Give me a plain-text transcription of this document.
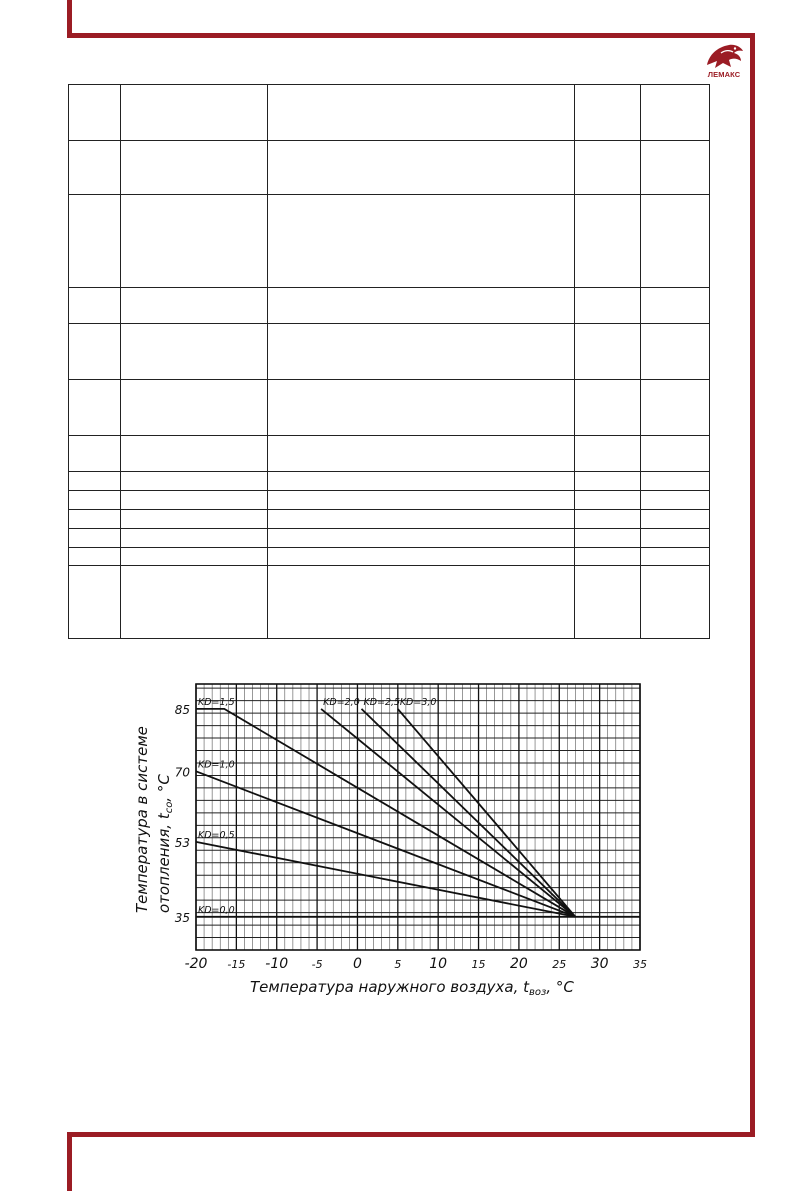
ЛЕМАКС

KD=0,0
KD=0,5
KD=1,0
KD=1,5	KD=2,0 KD=2,5 KD=3,0
-20 -15 -10 -5 0	5 10 15 20 25 30 35
85
70
53
35
Температура в системе отопления, $t_{со}$, °С
Температура наружного воздуха, $t_{воз}$, °С
